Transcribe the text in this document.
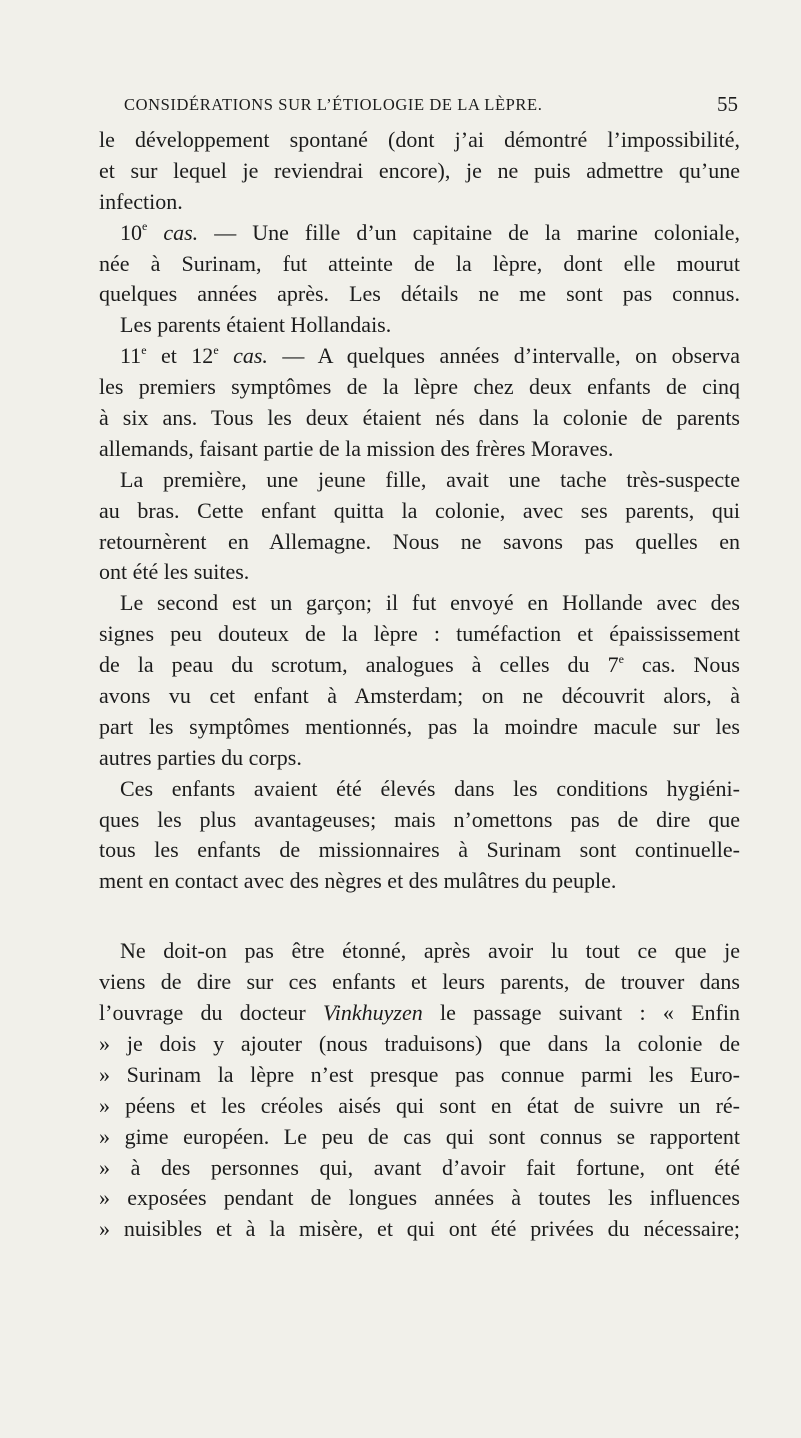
CONSIDÉRATIONS SUR L’ÉTIOLOGIE DE LA LÈPRE.	55
le développement spontané (dont j’ai démontré l’impossibilité,
et sur lequel je reviendrai encore), je ne puis admettre qu’une
infection.
10e cas. — Une fille d’un capitaine de la marine coloniale,
née à Surinam, fut atteinte de la lèpre, dont elle mourut
quelques années après. Les détails ne me sont pas connus.
Les parents étaient Hollandais.
11e et 12e cas. — A quelques années d’intervalle, on observa
les premiers symptômes de la lèpre chez deux enfants de cinq
à six ans. Tous les deux étaient nés dans la colonie de parents
allemands, faisant partie de la mission des frères Moraves.
La première, une jeune fille, avait une tache très-suspecte
au bras. Cette enfant quitta la colonie, avec ses parents, qui
retournèrent en Allemagne. Nous ne savons pas quelles en
ont été les suites.
Le second est un garçon; il fut envoyé en Hollande avec des
signes peu douteux de la lèpre : tuméfaction et épaississement
de la peau du scrotum, analogues à celles du 7e cas. Nous
avons vu cet enfant à Amsterdam; on ne découvrit alors, à
part les symptômes mentionnés, pas la moindre macule sur les
autres parties du corps.
Ces enfants avaient été élevés dans les conditions hygiéni-
ques les plus avantageuses; mais n’omettons pas de dire que
tous les enfants de missionnaires à Surinam sont continuelle-
ment en contact avec des nègres et des mulâtres du peuple.
Ne doit-on pas être étonné, après avoir lu tout ce que je
viens de dire sur ces enfants et leurs parents, de trouver dans
l’ouvrage du docteur Vinkhuyzen le passage suivant : « Enfin
» je dois y ajouter (nous traduisons) que dans la colonie de
» Surinam la lèpre n’est presque pas connue parmi les Euro-
» péens et les créoles aisés qui sont en état de suivre un ré-
» gime européen. Le peu de cas qui sont connus se rapportent
» à des personnes qui, avant d’avoir fait fortune, ont été
» exposées pendant de longues années à toutes les influences
» nuisibles et à la misère, et qui ont été privées du nécessaire;
